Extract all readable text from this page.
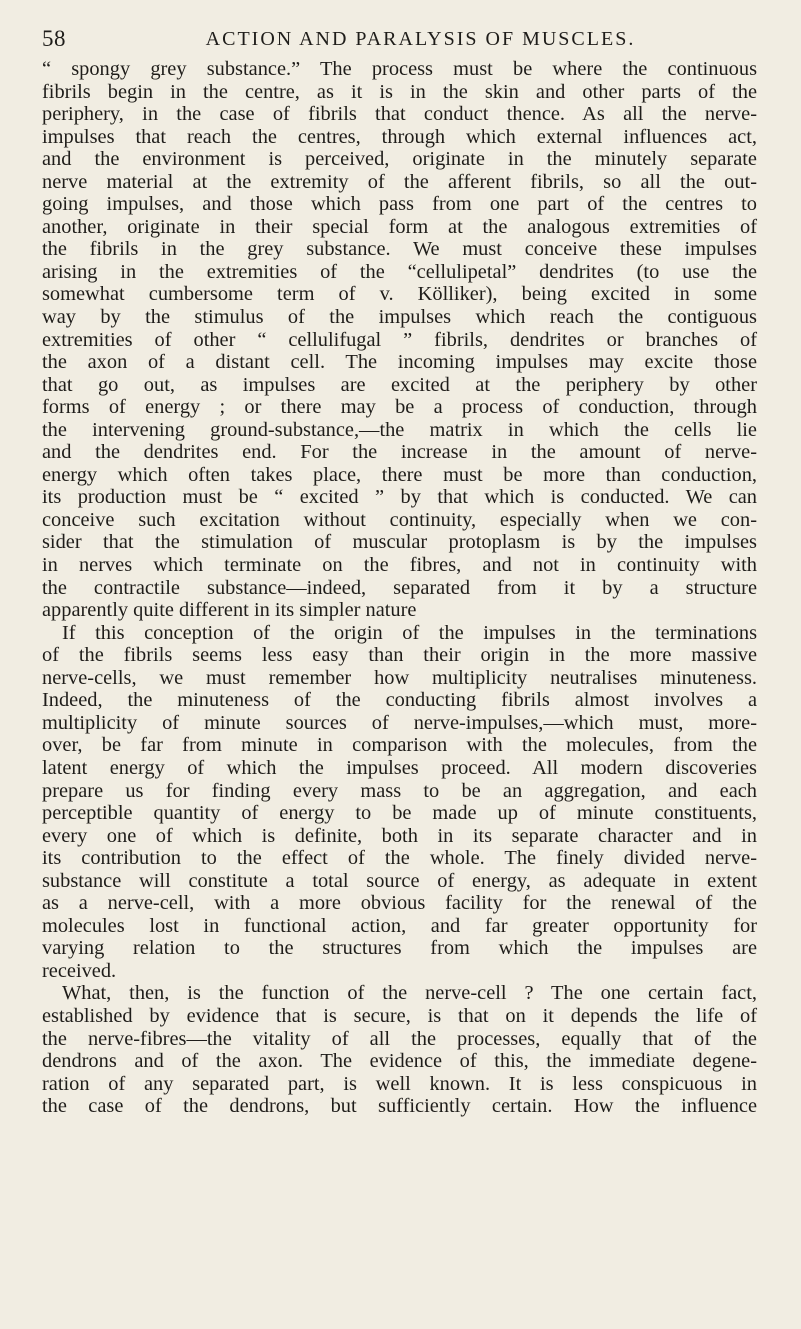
58	ACTION AND PARALYSIS OF MUSCLES.
“ spongy grey substance.” The process must be where the continuous
fibrils begin in the centre, as it is in the skin and other parts of the
periphery, in the case of fibrils that conduct thence. As all the nerve-
impulses that reach the centres, through which external influences act,
and the environment is perceived, originate in the minutely separate
nerve material at the extremity of the afferent fibrils, so all the out-
going impulses, and those which pass from one part of the centres to
another, originate in their special form at the analogous extremities of
the fibrils in the grey substance. We must conceive these impulses
arising in the extremities of the “cellulipetal” dendrites (to use the
somewhat cumbersome term of v. Kölliker), being excited in some
way by the stimulus of the impulses which reach the contiguous
extremities of other “ cellulifugal ” fibrils, dendrites or branches of
the axon of a distant cell. The incoming impulses may excite those
that go out, as impulses are excited at the periphery by other
forms of energy ; or there may be a process of conduction, through
the intervening ground-substance,—the matrix in which the cells lie
and the dendrites end. For the increase in the amount of nerve-
energy which often takes place, there must be more than conduction,
its production must be “ excited ” by that which is conducted. We can
conceive such excitation without continuity, especially when we con-
sider that the stimulation of muscular protoplasm is by the impulses
in nerves which terminate on the fibres, and not in continuity with
the contractile substance—indeed, separated from it by a structure
apparently quite different in its simpler nature
If this conception of the origin of the impulses in the terminations
of the fibrils seems less easy than their origin in the more massive
nerve-cells, we must remember how multiplicity neutralises minuteness.
Indeed, the minuteness of the conducting fibrils almost involves a
multiplicity of minute sources of nerve-impulses,—which must, more-
over, be far from minute in comparison with the molecules, from the
latent energy of which the impulses proceed. All modern discoveries
prepare us for finding every mass to be an aggregation, and each
perceptible quantity of energy to be made up of minute constituents,
every one of which is definite, both in its separate character and in
its contribution to the effect of the whole. The finely divided nerve-
substance will constitute a total source of energy, as adequate in extent
as a nerve-cell, with a more obvious facility for the renewal of the
molecules lost in functional action, and far greater opportunity for
varying relation to the structures from which the impulses are
received.
What, then, is the function of the nerve-cell ? The one certain fact,
established by evidence that is secure, is that on it depends the life of
the nerve-fibres—the vitality of all the processes, equally that of the
dendrons and of the axon. The evidence of this, the immediate degene-
ration of any separated part, is well known. It is less conspicuous in
the case of the dendrons, but sufficiently certain. How the influence
